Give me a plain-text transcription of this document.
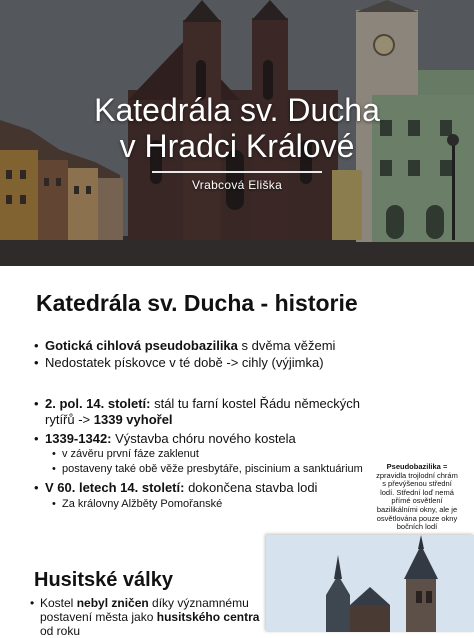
Katedrála sv. Ducha
v Hradci Králové
Vrabcová Eliška
Katedrála sv. Ducha - historie
• Gotická cihlová pseudobazilika s dvěma věžemi
• Nedostatek pískovce v té době -> cihly (výjimka)
• 2. pol. 14. století: stál tu farní kostel Řádu německých rytířů -> 1339 vyhořel
• 1339-1342: Výstavba chóru nového kostela
• v závěru první fáze zaklenut
• postaveny také obě věže presbytáře, piscinium a sanktuárium
• V 60. letech 14. století: dokončena stavba lodi
• Za královny Alžběty Pomořanské
Pseudobazilika = zpravidla trojlodní chrám s převýšenou střední lodí. Střední loď nemá přímé osvětlení bazilikálními okny, ale je osvětlována pouze okny bočních lodí
Husitské války
• Kostel nebyl zničen díky významnému postavení města jako husitského centra od roku
